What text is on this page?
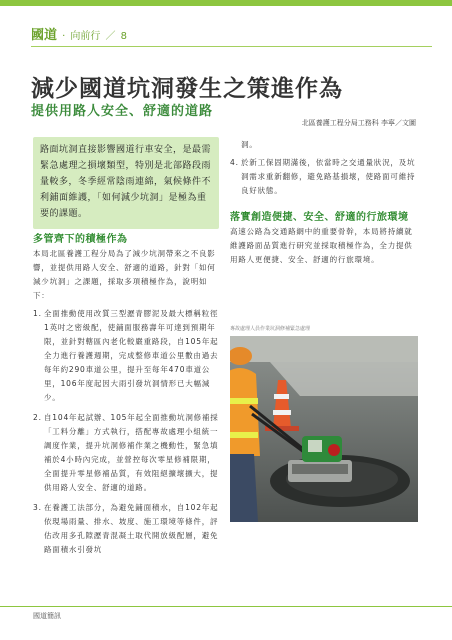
國道 · 向前行 ／ 8
減少國道坑洞發生之策進作為
提供用路人安全、舒適的道路
北區養護工程分局工務科 李寧／文圖

路面坑洞直接影響國道行車安全，是最需緊急處理之損壞類型，特別是北部路段雨量較多，冬季經常陰雨連綿，氣候條件不利鋪面維護，「如何減少坑洞」是極為重要的課題。

多管齊下的積極作為

本局北區養護工程分局為了減少坑洞帶來之不良影響，並提供用路人安全、舒適的道路，針對「如何減少坑洞」之課題，採取多項積極作為，說明如下：

1. 全面推動使用改質三型瀝青膠泥及最大標稱粒徑1英吋之密級配，使鋪面服務壽年可達到預期年限，並針對轄區內老化較嚴重路段，自105年起全力進行養護週期，完成整修車道公里數由過去每年約290車道公里，提升至每年470車道公里，106年度起因大雨引發坑洞情形已大幅減少。
2. 自104年起試辦、105年起全面推動坑洞修補採「工料分離」方式執行，搭配專故處理小組統一調度作業，提升坑洞修補作業之機動性，緊急填補於4小時內完成，並營控每次零星修補限期，全面提升零星修補品質，有效阻絕擴壞擴大，提供用路人安全、舒適的道路。
3. 在養護工法部分，為避免鋪面積水，自102年起依現場雨量、排水、坡度、施工環境等條件，評估改用多孔隙瀝青混凝土取代開放級配層，避免路面積水引發坑

洞。

4. 於新工保固期滿後，依當時之交通量狀況，及坑洞需求重新翻修，避免路基損壞，使路面可維持良好狀態。
落實創造便捷、安全、舒適的行旅環境

高速公路為交通路網中的重要骨幹，本局將持續就維護路面品質進行研究並採取積極作為，全力提供用路人更便捷、安全、舒適的行旅環境。

專故處理人員作業坑洞修補緊急處理
國道簡訊
